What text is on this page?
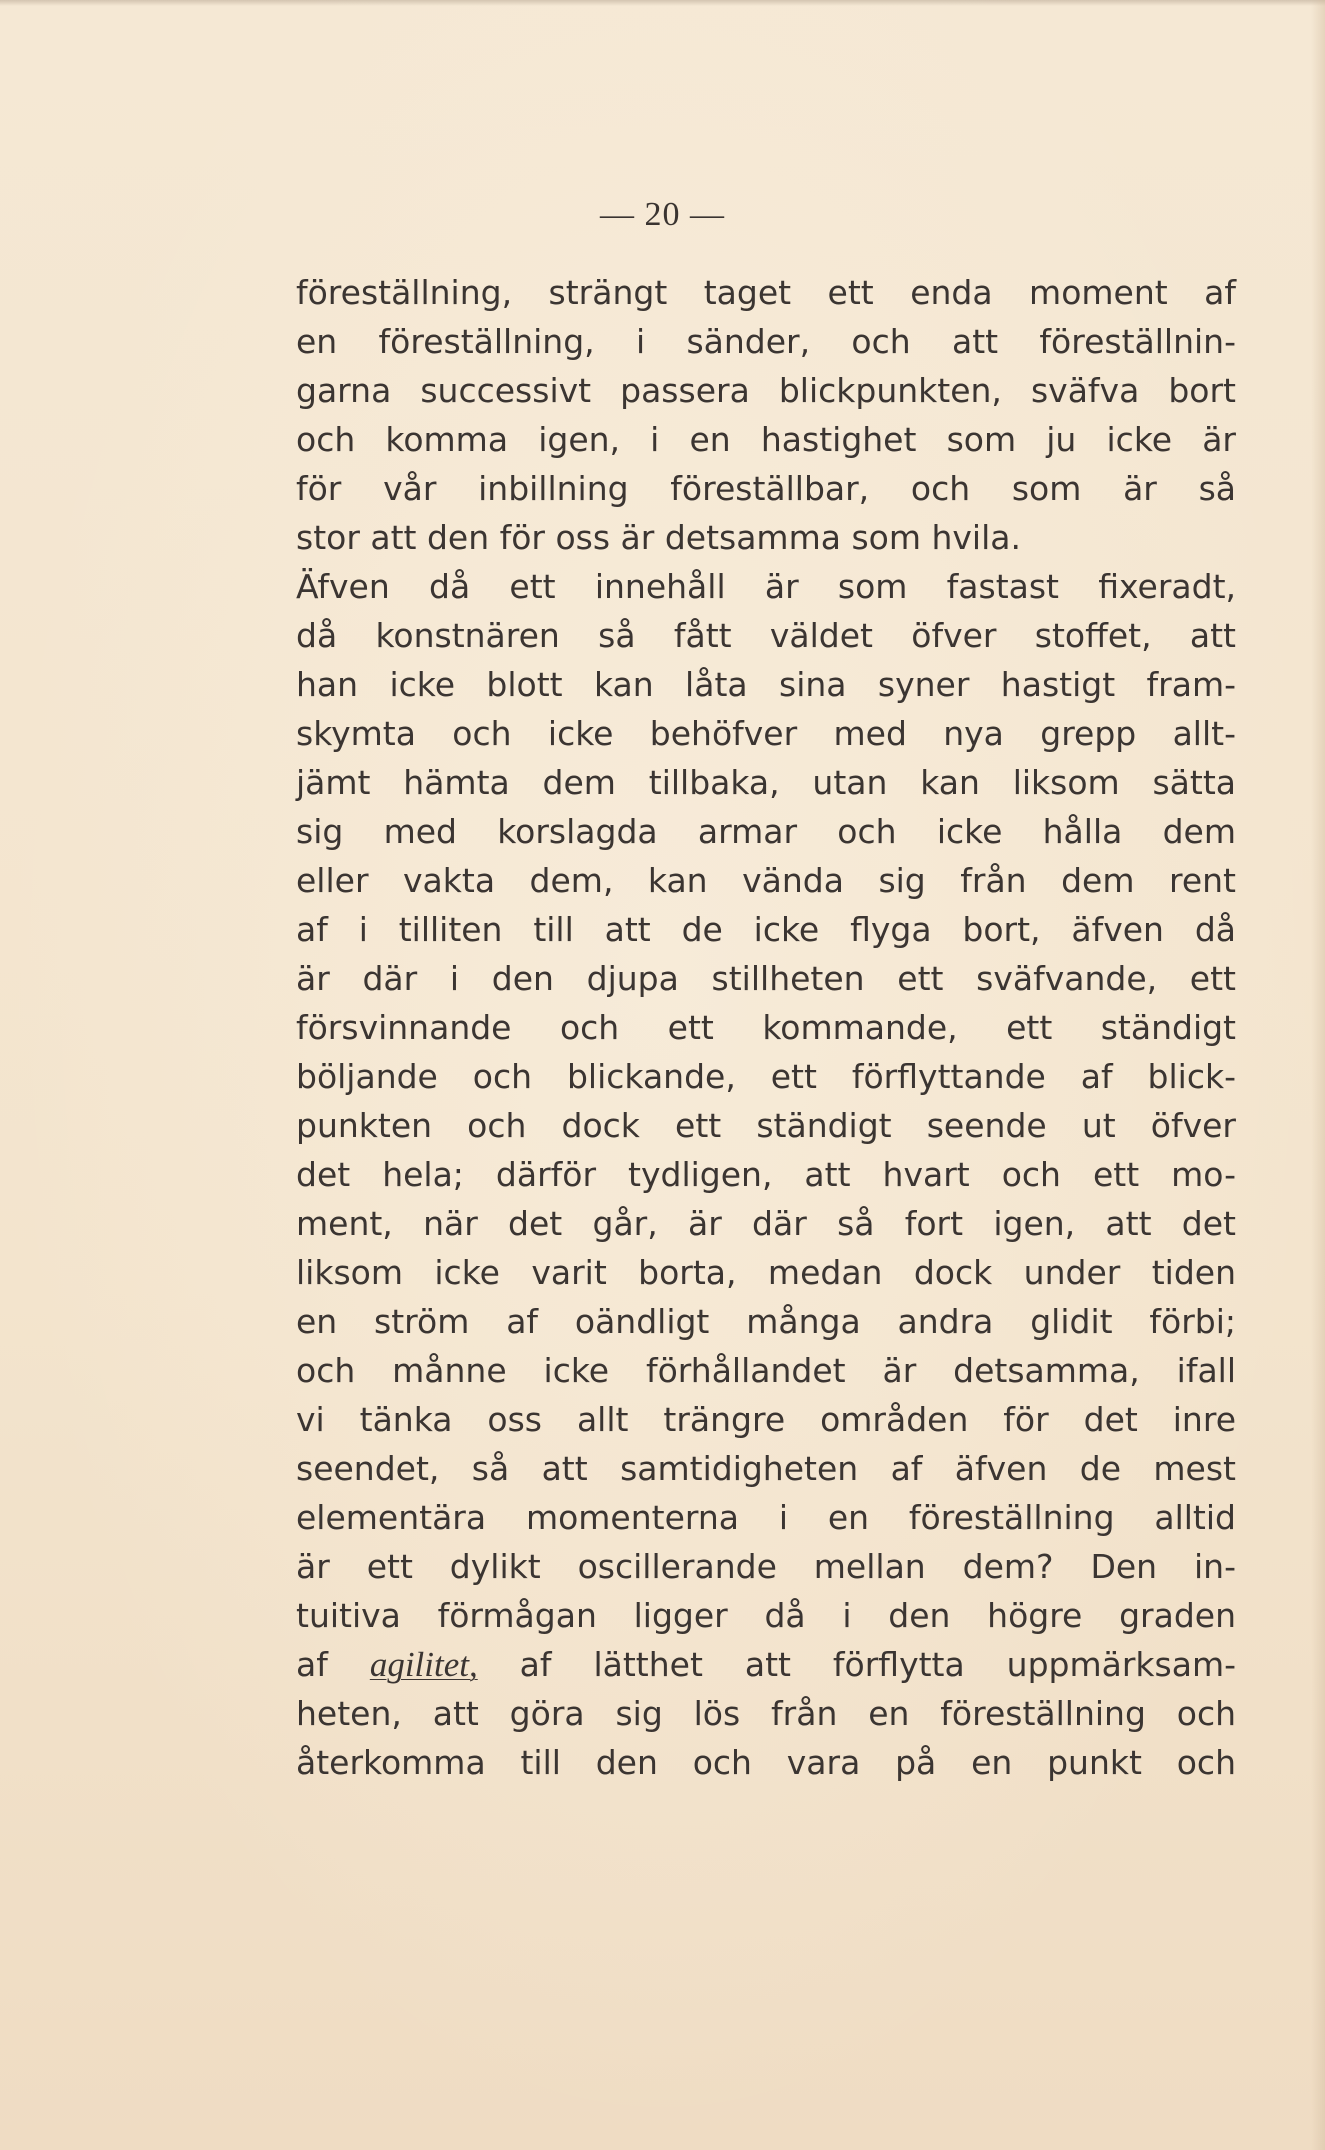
— 20 —
föreställning, strängt taget ett enda moment af
en föreställning, i sänder, och att föreställnin-
garna successivt passera blickpunkten, sväfva bort
och komma igen, i en hastighet som ju icke är
för vår inbillning föreställbar, och som är så
stor att den för oss är detsamma som hvila.
Äfven då ett innehåll är som fastast fixeradt,
då konstnären så fått väldet öfver stoffet, att
han icke blott kan låta sina syner hastigt fram-
skymta och icke behöfver med nya grepp allt-
jämt hämta dem tillbaka, utan kan liksom sätta
sig med korslagda armar och icke hålla dem
eller vakta dem, kan vända sig från dem rent
af i tilliten till att de icke flyga bort, äfven då
är där i den djupa stillheten ett sväfvande, ett
försvinnande och ett kommande, ett ständigt
böljande och blickande, ett förflyttande af blick-
punkten och dock ett ständigt seende ut öfver
det hela; därför tydligen, att hvart och ett mo-
ment, när det går, är där så fort igen, att det
liksom icke varit borta, medan dock under tiden
en ström af oändligt många andra glidit förbi;
och månne icke förhållandet är detsamma, ifall
vi tänka oss allt trängre områden för det inre
seendet, så att samtidigheten af äfven de mest
elementära momenterna i en föreställning alltid
är ett dylikt oscillerande mellan dem? Den in-
tuitiva förmågan ligger då i den högre graden
af agilitet, af lätthet att förflytta uppmärksam-
heten, att göra sig lös från en föreställning och
återkomma till den och vara på en punkt och
